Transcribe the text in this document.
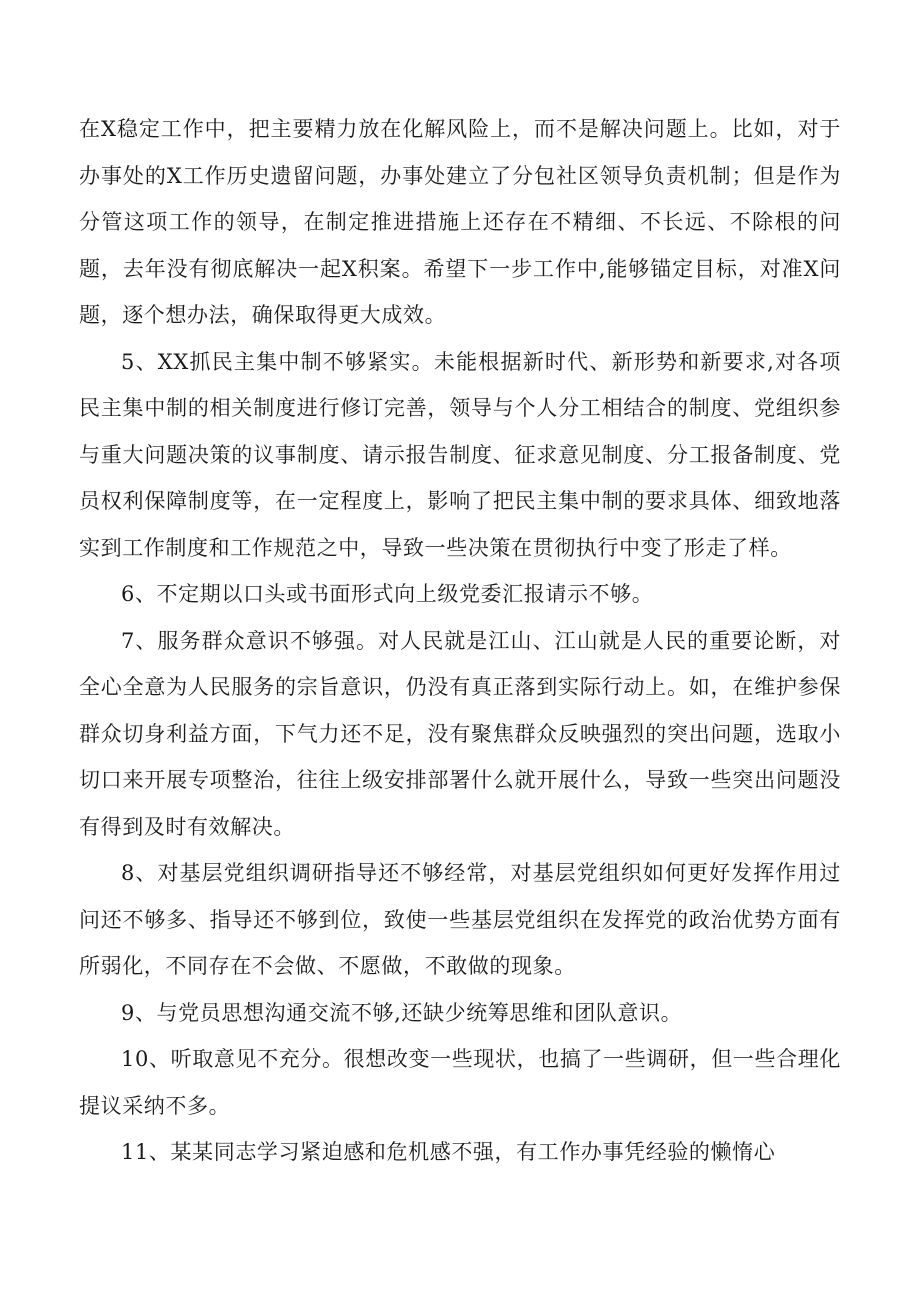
在X稳定工作中，把主要精力放在化解风险上，而不是解决问题上。比如，对于办事处的X工作历史遗留问题，办事处建立了分包社区领导负责机制；但是作为分管这项工作的领导，在制定推进措施上还存在不精细、不长远、不除根的问题，去年没有彻底解决一起X积案。希望下一步工作中,能够锚定目标，对准X问题，逐个想办法，确保取得更大成效。

5、XX抓民主集中制不够紧实。未能根据新时代、新形势和新要求,对各项民主集中制的相关制度进行修订完善，领导与个人分工相结合的制度、党组织参与重大问题决策的议事制度、请示报告制度、征求意见制度、分工报备制度、党员权利保障制度等，在一定程度上，影响了把民主集中制的要求具体、细致地落实到工作制度和工作规范之中，导致一些决策在贯彻执行中变了形走了样。

6、不定期以口头或书面形式向上级党委汇报请示不够。

7、服务群众意识不够强。对人民就是江山、江山就是人民的重要论断，对全心全意为人民服务的宗旨意识，仍没有真正落到实际行动上。如，在维护参保群众切身利益方面，下气力还不足，没有聚焦群众反映强烈的突出问题，选取小切口来开展专项整治，往往上级安排部署什么就开展什么，导致一些突出问题没有得到及时有效解决。

8、对基层党组织调研指导还不够经常，对基层党组织如何更好发挥作用过问还不够多、指导还不够到位，致使一些基层党组织在发挥党的政治优势方面有所弱化，不同存在不会做、不愿做，不敢做的现象。

9、与党员思想沟通交流不够,还缺少统筹思维和团队意识。

10、听取意见不充分。很想改变一些现状，也搞了一些调研，但一些合理化提议采纳不多。

11、某某同志学习紧迫感和危机感不强，有工作办事凭经验的懒惰心
